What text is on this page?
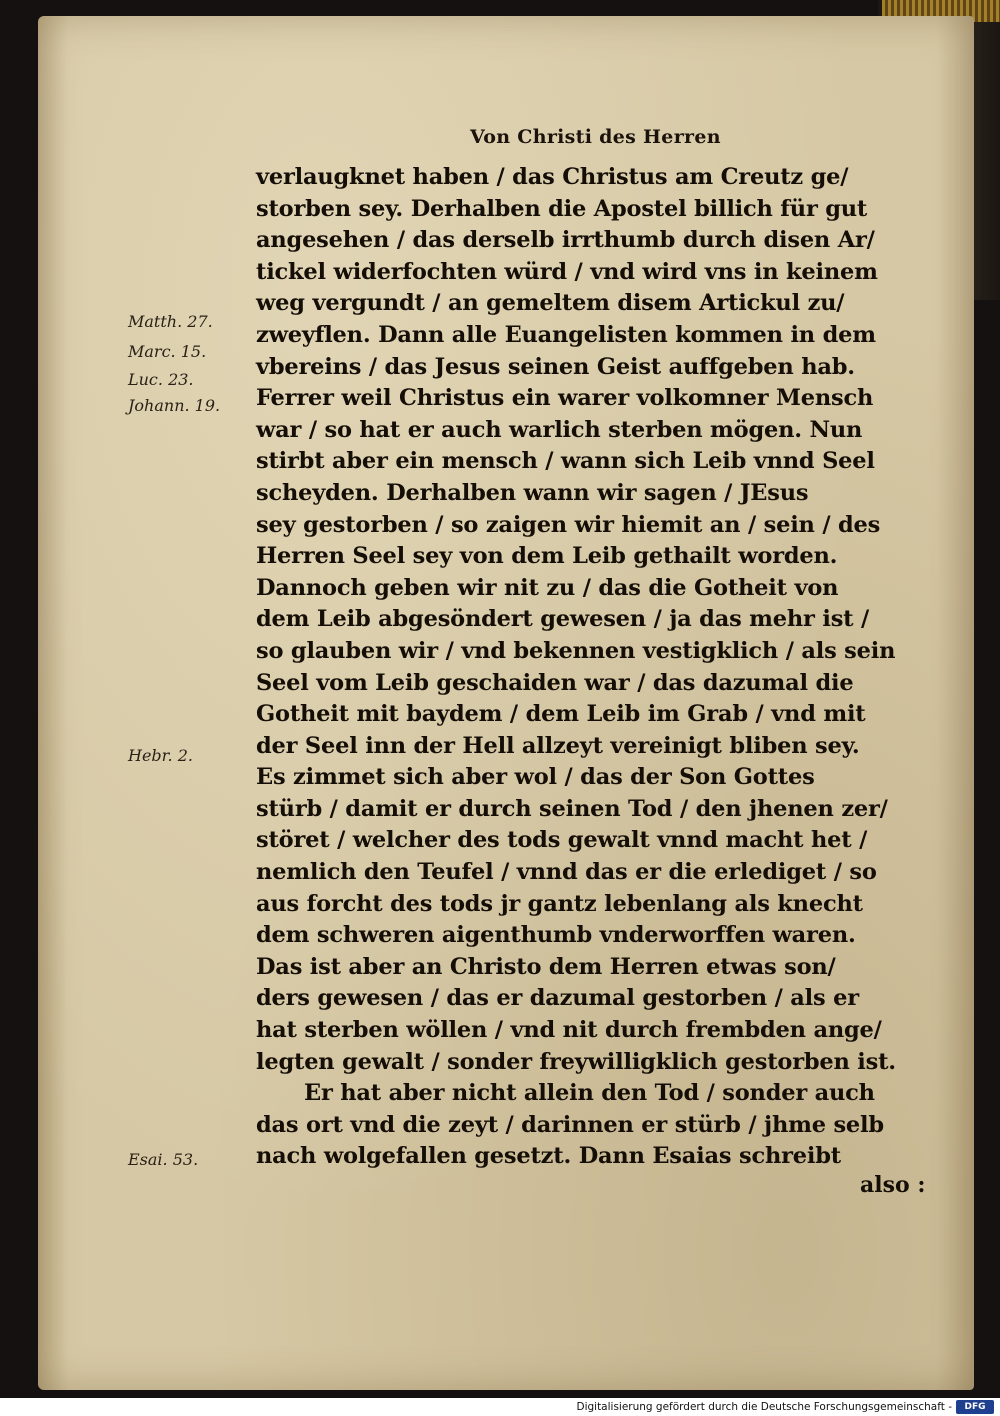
Von Christi des Herren
Matth. 27.
Marc. 15.
Luc. 23.
Johann. 19.
Hebr. 2.
Esai. 53.
verlaugknet haben / das Christus am Creutz ge/
storben sey. Derhalben die Apostel billich für gut
angesehen / das derselb irrthumb durch disen Ar/
tickel widerfochten würd / vnd wird vns in keinem
weg vergundt / an gemeltem disem Artickul zu/
zweyflen. Dann alle Euangelisten kommen in dem
vbereins / das Jesus seinen Geist auffgeben hab.
Ferrer weil Christus ein warer volkomner Mensch
war / so hat er auch warlich sterben mögen. Nun
stirbt aber ein mensch / wann sich Leib vnnd Seel
scheyden. Derhalben wann wir sagen / JEsus
sey gestorben / so zaigen wir hiemit an / sein / des
Herren Seel sey von dem Leib gethailt worden.
Dannoch geben wir nit zu / das die Gotheit von
dem Leib abgesöndert gewesen / ja das mehr ist /
so glauben wir / vnd bekennen vestigklich / als sein
Seel vom Leib geschaiden war / das dazumal die
Gotheit mit baydem / dem Leib im Grab / vnd mit
der Seel inn der Hell allzeyt vereinigt bliben sey.
Es zimmet sich aber wol / das der Son Gottes
stürb / damit er durch seinen Tod / den jhenen zer/
störet / welcher des tods gewalt vnnd macht het /
nemlich den Teufel / vnnd das er die erlediget / so
aus forcht des tods jr gantz lebenlang als knecht
dem schweren aigenthumb vnderworffen waren.
Das ist aber an Christo dem Herren etwas son/
ders gewesen / das er dazumal gestorben / als er
hat sterben wöllen / vnd nit durch frembden ange/
legten gewalt / sonder freywilligklich gestorben ist.
Er hat aber nicht allein den Tod / sonder auch
das ort vnd die zeyt / darinnen er stürb / jhme selb
nach wolgefallen gesetzt. Dann Esaias schreibt
also :
Digitalisierung gefördert durch die Deutsche Forschungsgemeinschaft -	DFG
